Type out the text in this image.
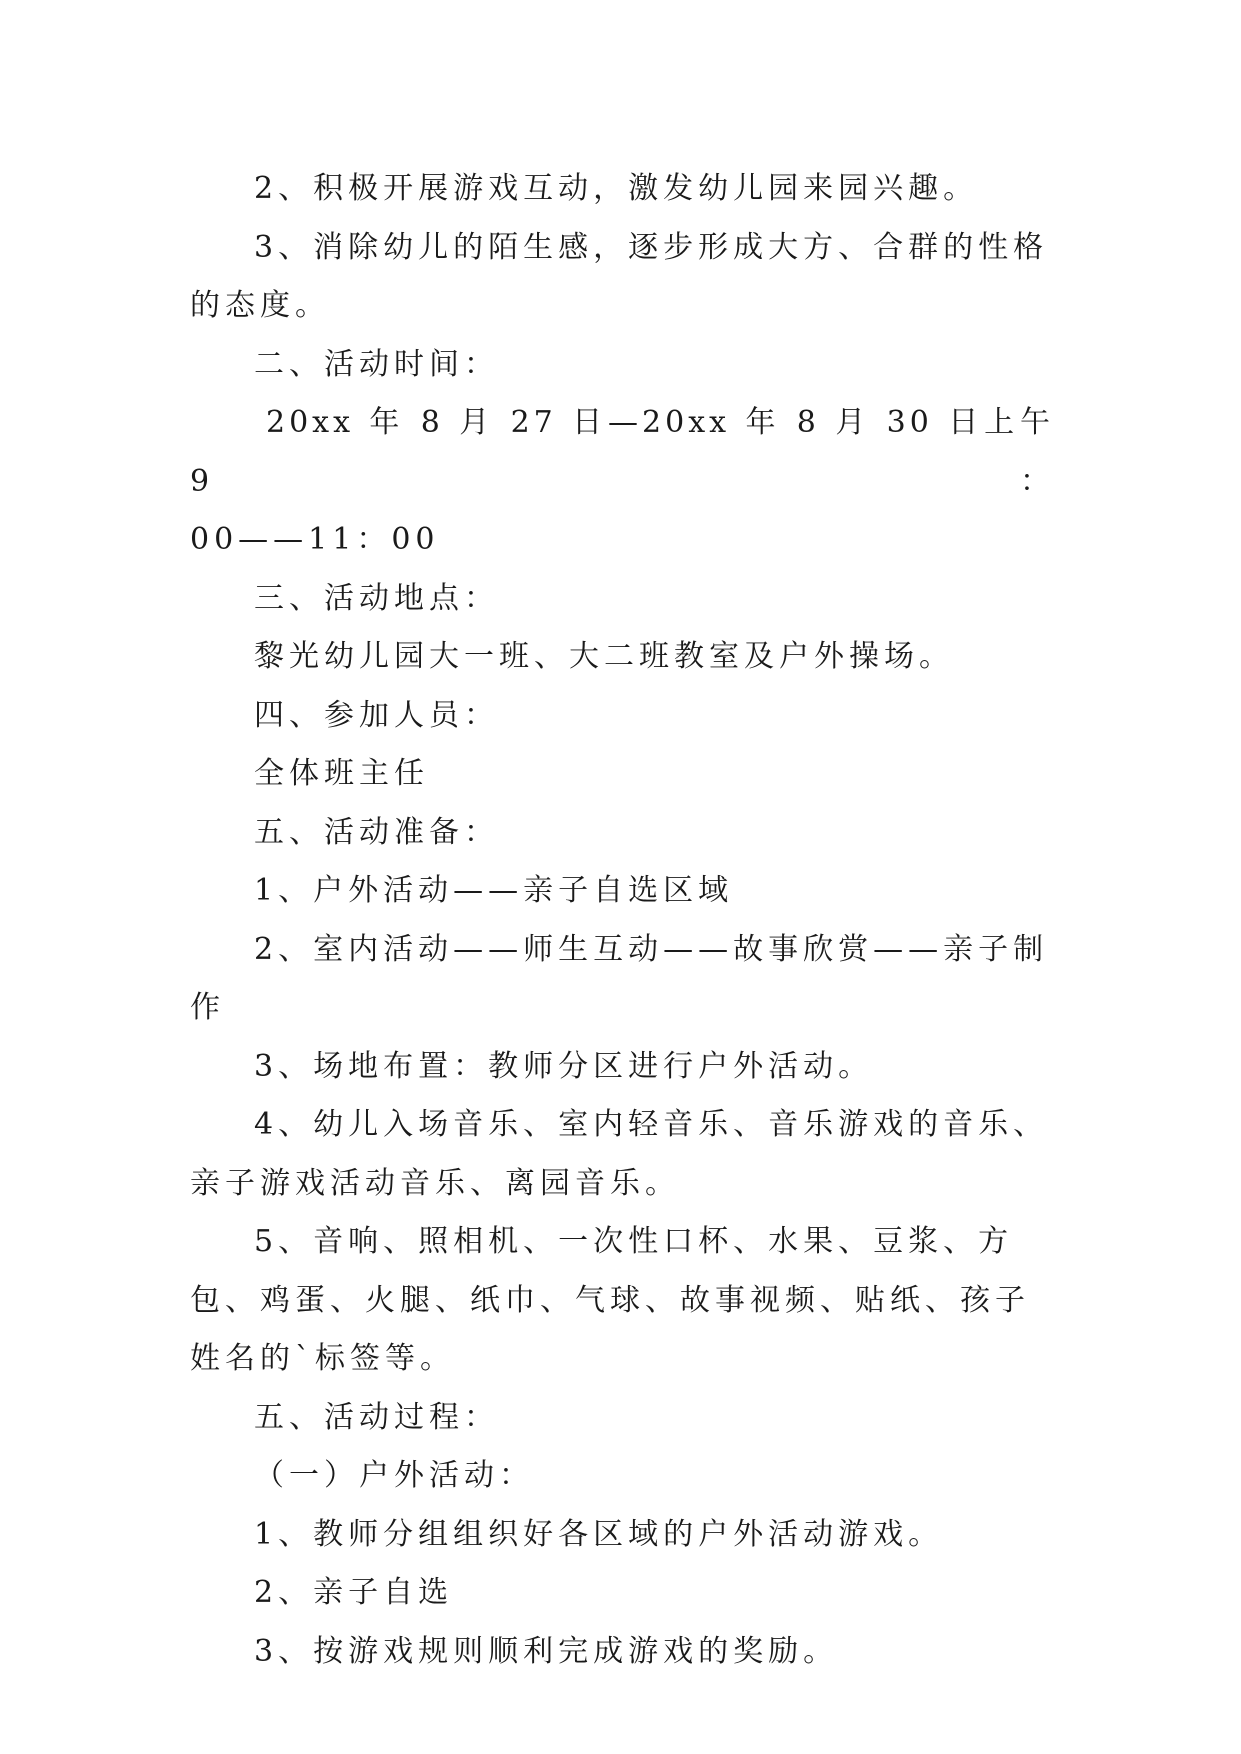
2、积极开展游戏互动，激发幼儿园来园兴趣。

3、消除幼儿的陌生感，逐步形成大方、合群的性格的态度。

二、活动时间：

20xx 年 8 月 27 日—20xx 年 8 月 30 日上午 9：

00——11：00

三、活动地点：

黎光幼儿园大一班、大二班教室及户外操场。

四、参加人员：

全体班主任

五、活动准备：

1、户外活动——亲子自选区域

2、室内活动——师生互动——故事欣赏——亲子制作

3、场地布置：教师分区进行户外活动。

4、幼儿入场音乐、室内轻音乐、音乐游戏的音乐、亲子游戏活动音乐、离园音乐。

5、音响、照相机、一次性口杯、水果、豆浆、方包、鸡蛋、火腿、纸巾、气球、故事视频、贴纸、孩子姓名的`标签等。

五、活动过程：

（一）户外活动：

1、教师分组组织好各区域的户外活动游戏。

2、亲子自选

3、按游戏规则顺利完成游戏的奖励。
